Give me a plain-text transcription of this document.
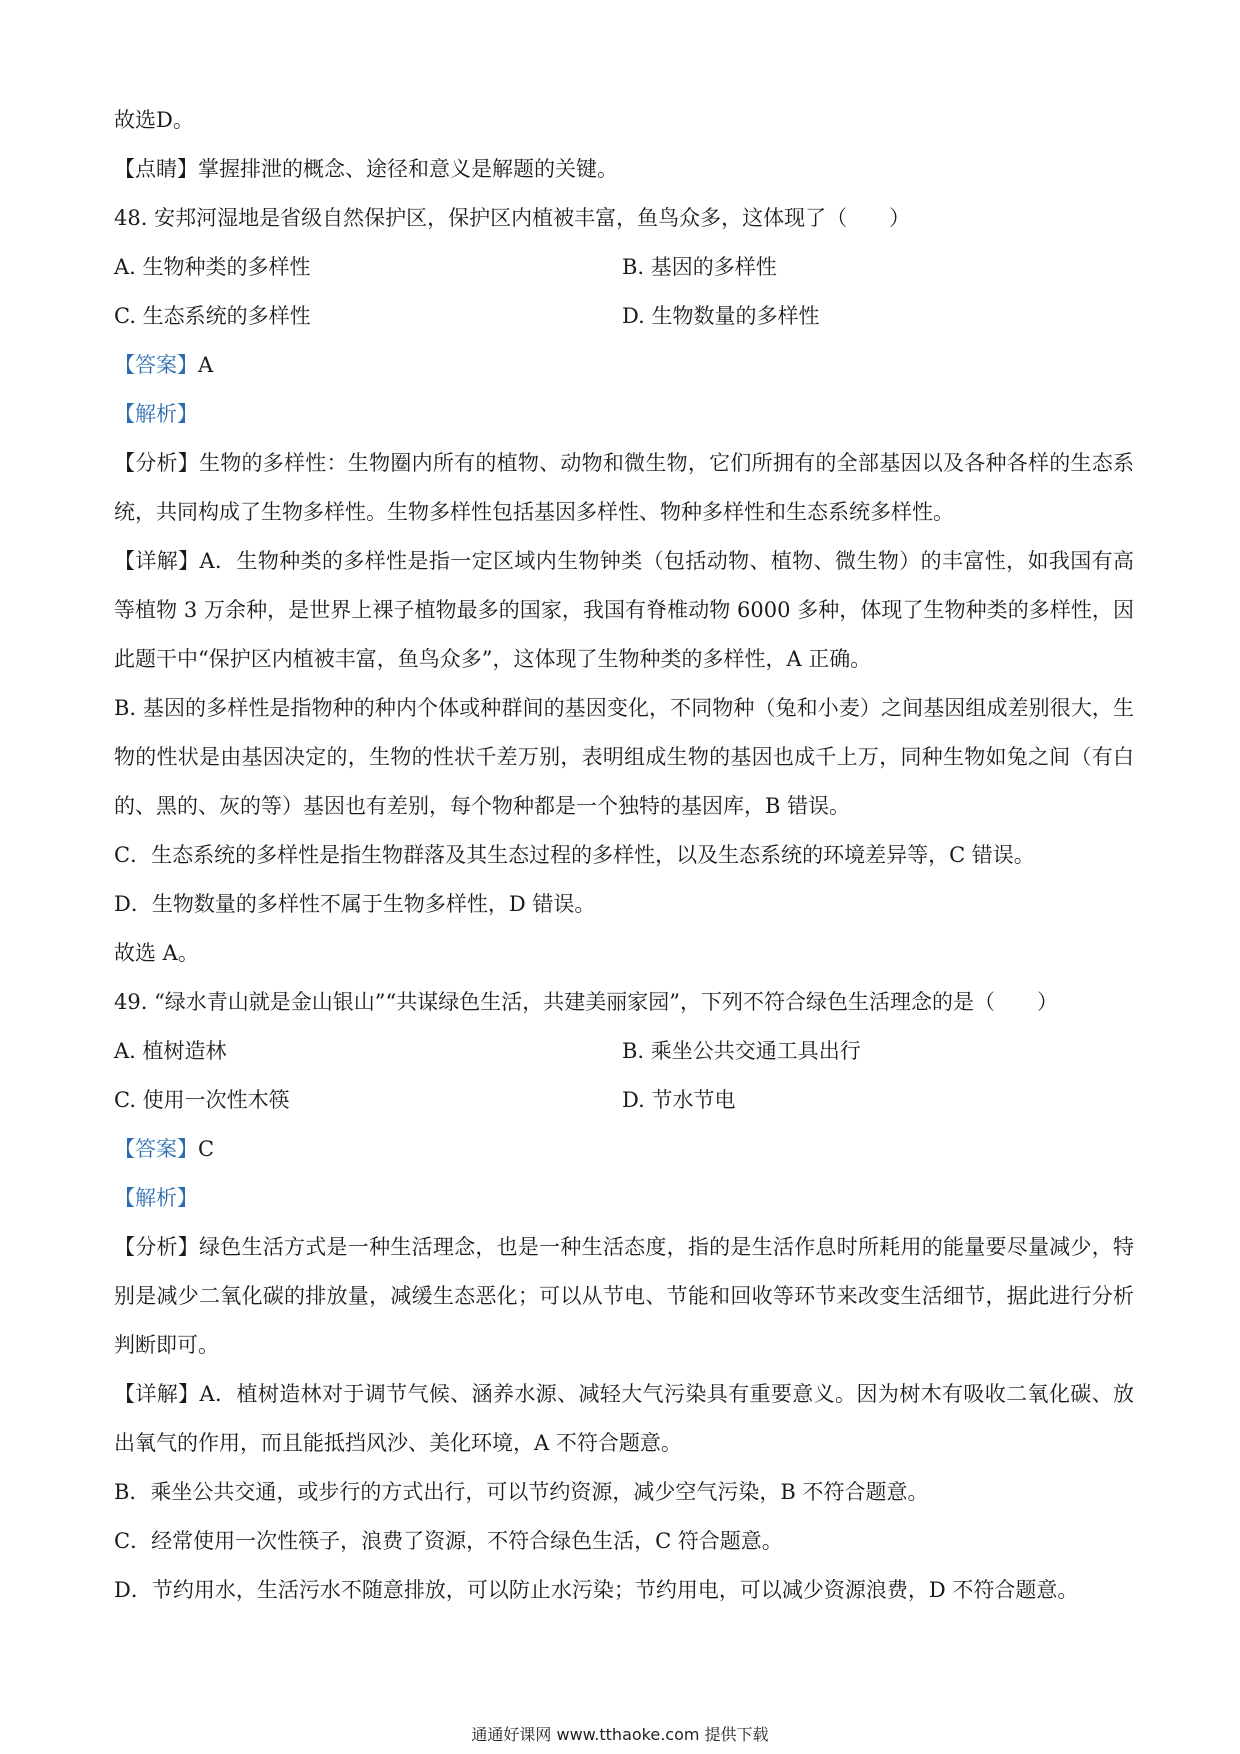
故选D。
【点睛】掌握排泄的概念、途径和意义是解题的关键。
48. 安邦河湿地是省级自然保护区，保护区内植被丰富，鱼鸟众多，这体现了（　　）
A. 生物种类的多样性	B. 基因的多样性
C. 生态系统的多样性	D. 生物数量的多样性
【答案】A
【解析】
【分析】生物的多样性：生物圈内所有的植物、动物和微生物，它们所拥有的全部基因以及各种各样的生态系统，共同构成了生物多样性。生物多样性包括基因多样性、物种多样性和生态系统多样性。
【详解】A．生物种类的多样性是指一定区域内生物钟类（包括动物、植物、微生物）的丰富性，如我国有高等植物 3 万余种，是世界上裸子植物最多的国家，我国有脊椎动物 6000 多种，体现了生物种类的多样性，因此题干中“保护区内植被丰富，鱼鸟众多”，这体现了生物种类的多样性，A 正确。
B. 基因的多样性是指物种的种内个体或种群间的基因变化，不同物种（兔和小麦）之间基因组成差别很大，生物的性状是由基因决定的，生物的性状千差万别，表明组成生物的基因也成千上万，同种生物如兔之间（有白的、黑的、灰的等）基因也有差别，每个物种都是一个独特的基因库，B 错误。
C．生态系统的多样性是指生物群落及其生态过程的多样性，以及生态系统的环境差异等，C 错误。
D．生物数量的多样性不属于生物多样性，D 错误。
故选 A。
49. “绿水青山就是金山银山”“共谋绿色生活，共建美丽家园”，下列不符合绿色生活理念的是（　　）
A. 植树造林	B. 乘坐公共交通工具出行
C. 使用一次性木筷	D. 节水节电
【答案】C
【解析】
【分析】绿色生活方式是一种生活理念，也是一种生活态度，指的是生活作息时所耗用的能量要尽量减少，特别是减少二氧化碳的排放量，减缓生态恶化；可以从节电、节能和回收等环节来改变生活细节，据此进行分析判断即可。
【详解】A．植树造林对于调节气候、涵养水源、减轻大气污染具有重要意义。因为树木有吸收二氧化碳、放出氧气的作用，而且能抵挡风沙、美化环境，A 不符合题意。
B．乘坐公共交通，或步行的方式出行，可以节约资源，减少空气污染，B 不符合题意。
C．经常使用一次性筷子，浪费了资源，不符合绿色生活，C 符合题意。
D．节约用水，生活污水不随意排放，可以防止水污染；节约用电，可以减少资源浪费，D 不符合题意。
通通好课网 www.tthaoke.com 提供下载
